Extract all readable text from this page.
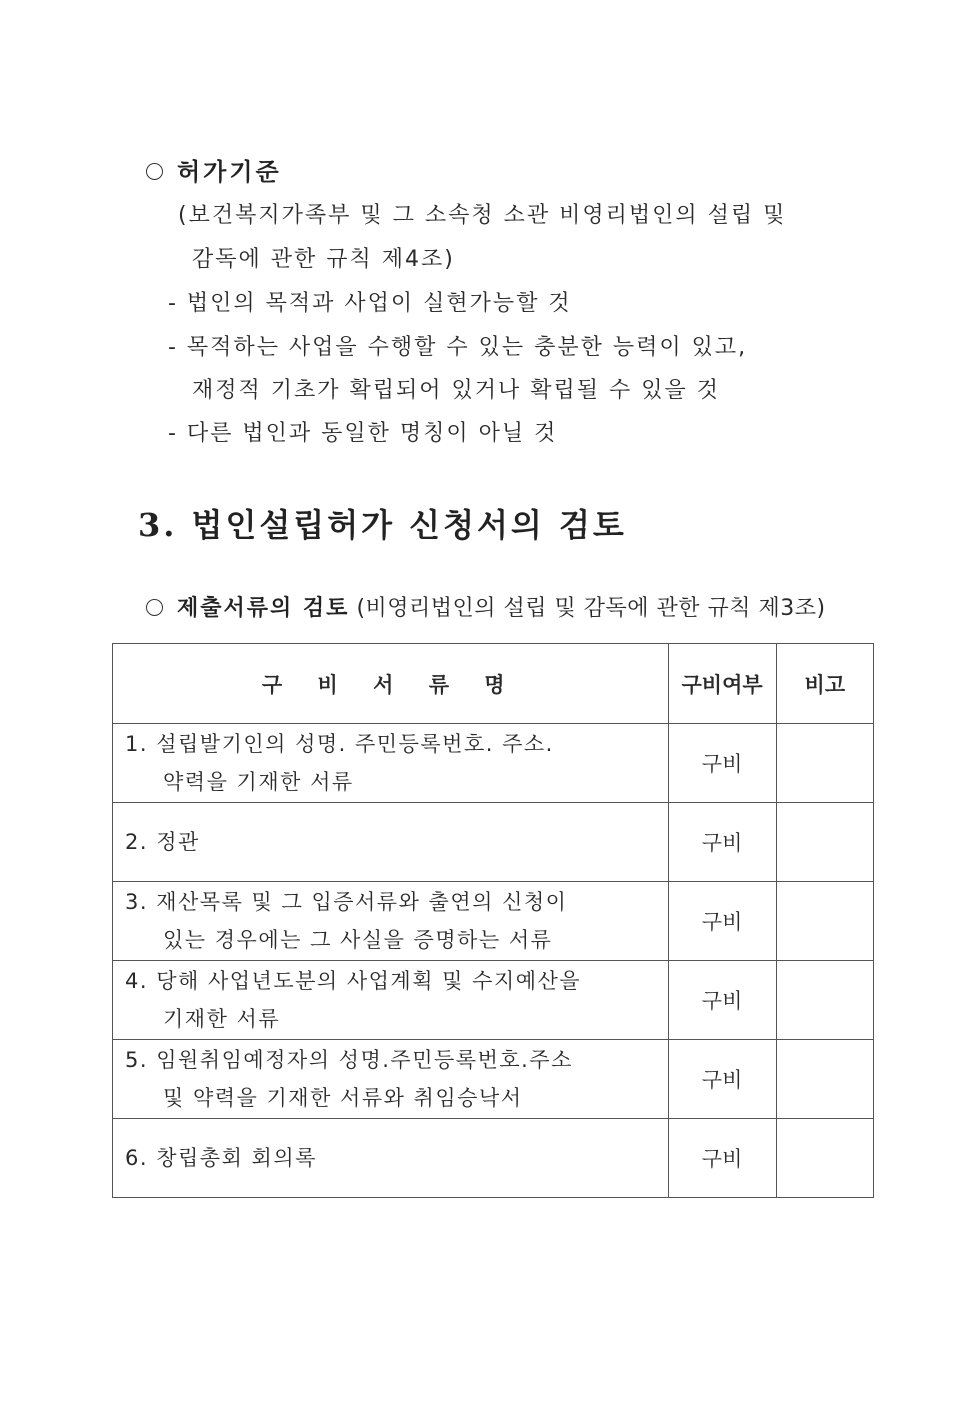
허가기준
(보건복지가족부 및 그 소속청 소관 비영리법인의 설립 및
감독에 관한 규칙 제4조)
- 법인의 목적과 사업이 실현가능할 것
- 목적하는 사업을 수행할 수 있는 충분한 능력이 있고,
재정적 기초가 확립되어 있거나 확립될 수 있을 것
- 다른 법인과 동일한 명칭이 아닐 것
3. 법인설립허가 신청서의 검토
제출서류의 검토 (비영리법인의 설립 및 감독에 관한 규칙 제3조)
구 비 서 류 명	구비여부	비고

1. 설립발기인의 성명. 주민등록번호. 주소.
약력을 기재한 서류	구비	

2. 정관	구비	

3. 재산목록 및 그 입증서류와 출연의 신청이
있는 경우에는 그 사실을 증명하는 서류	구비	

4. 당해 사업년도분의 사업계획 및 수지예산을
기재한 서류	구비	

5. 임원취임예정자의 성명.주민등록번호.주소
및 약력을 기재한 서류와 취임승낙서	구비	

6. 창립총회 회의록	구비	
